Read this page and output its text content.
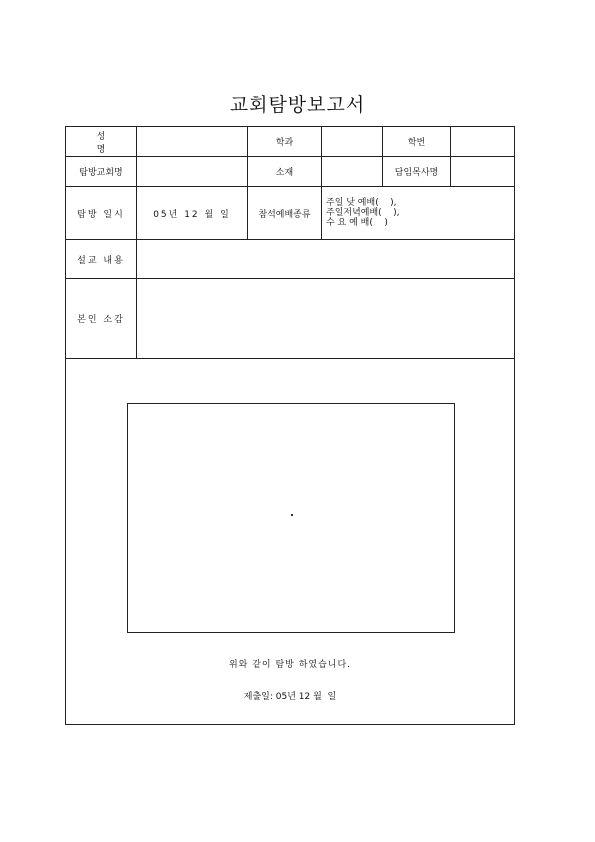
교회탐방보고서
성 명		학과		학번	
탐방교회명		소재		담임목사명	
탐방 일시	05년 12 월 일	참석예배종류	주일 낮 예배(    ),
주일저녁예배(    ),
수 요 예 배(    )		

설교 내용					
본인 소감					

위와 같이 탐방 하였습니다.
제출일: 05년 12 월  일					
